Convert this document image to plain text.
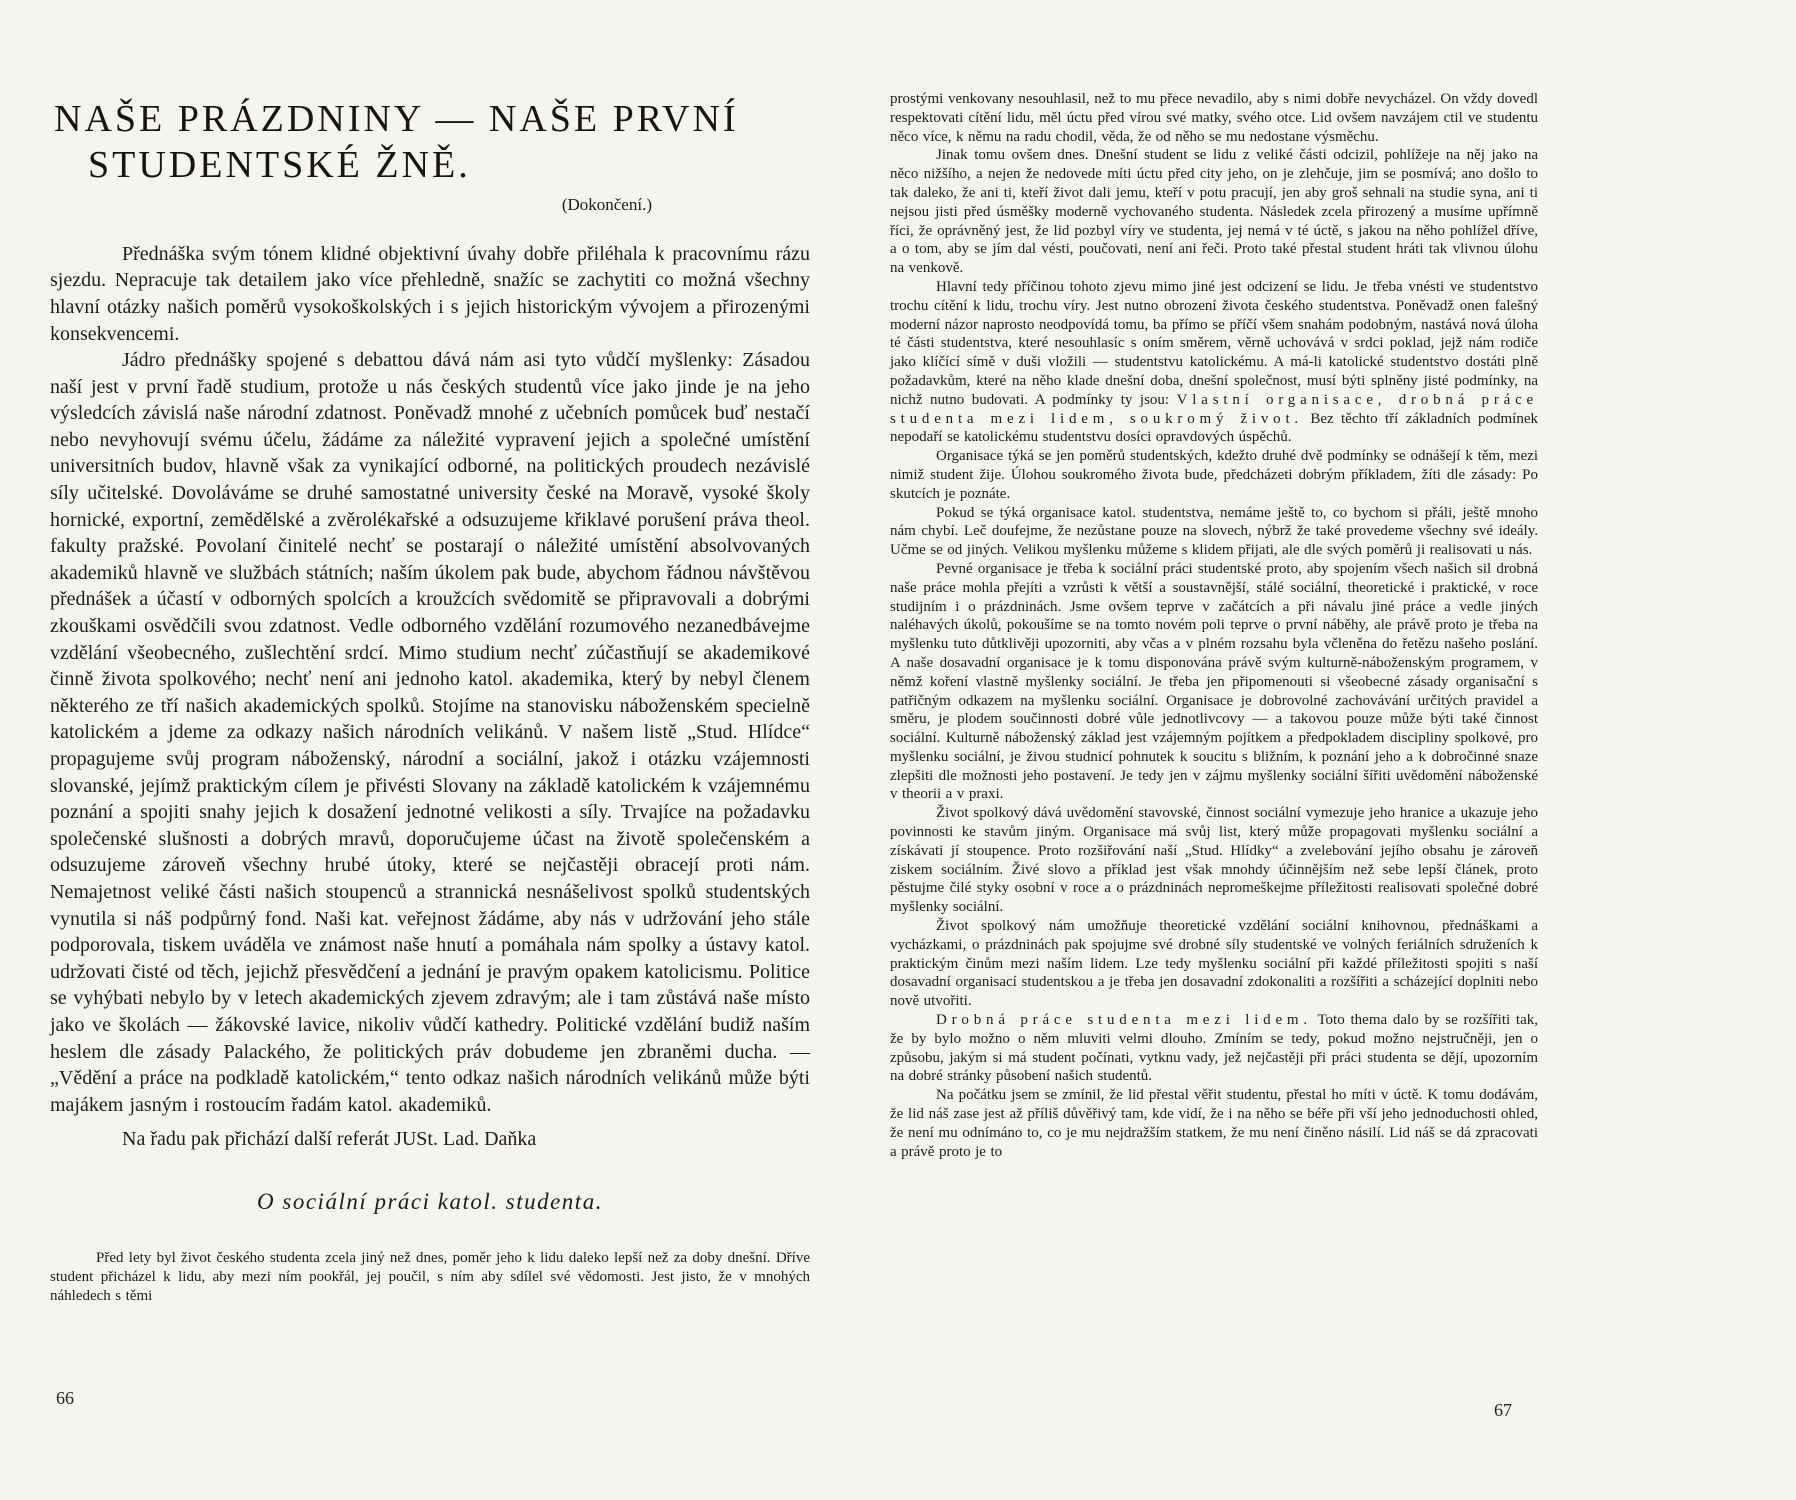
NAŠE PRÁZDNINY — NAŠE PRVNÍ
STUDENTSKÉ ŽNĚ.
(Dokončení.)

Přednáška svým tónem klidné objektivní úvahy dobře přiléhala k pracovnímu rázu sjezdu. Nepracuje tak detailem jako více přehledně, snažíc se zachytiti co možná všechny hlavní otázky našich poměrů vysokoškolských i s jejich historickým vývojem a přirozenými konsekvencemi.

Jádro přednášky spojené s debattou dává nám asi tyto vůdčí myšlenky: Zásadou naší jest v první řadě studium, protože u nás českých studentů více jako jinde je na jeho výsledcích závislá naše národní zdatnost. Poněvadž mnohé z učebních pomůcek buď nestačí nebo nevyhovují svému účelu, žádáme za náležité vypravení jejich a společné umístění universitních budov, hlavně však za vynikající odborné, na politických proudech nezávislé síly učitelské. Dovoláváme se druhé samostatné university české na Moravě, vysoké školy hornické, exportní, zemědělské a zvěrolékařské a odsuzujeme křiklavé porušení práva theol. fakulty pražské. Povolaní činitelé nechť se postarají o náležité umístění absolvovaných akademiků hlavně ve službách státních; naším úkolem pak bude, abychom řádnou návštěvou přednášek a účastí v odborných spolcích a kroužcích svědomitě se připravovali a dobrými zkouškami osvědčili svou zdatnost. Vedle odborného vzdělání rozumového nezanedbávejme vzdělání všeobecného, zušlechtění srdcí. Mimo studium nechť zúčastňují se akademikové činně života spolkového; nechť není ani jednoho katol. akademika, který by nebyl členem některého ze tří našich akademických spolků. Stojíme na stanovisku náboženském specielně katolickém a jdeme za odkazy našich národních velikánů. V našem listě „Stud. Hlídce“ propagujeme svůj program náboženský, národní a sociální, jakož i otázku vzájemnosti slovanské, jejímž praktickým cílem je přivésti Slovany na základě katolickém k vzájemnému poznání a spojiti snahy jejich k dosažení jednotné velikosti a síly. Trvajíce na požadavku společenské slušnosti a dobrých mravů, doporučujeme účast na životě společenském a odsuzujeme zároveň všechny hrubé útoky, které se nejčastěji obracejí proti nám. Nemajetnost veliké části našich stoupenců a strannická nesnášelivost spolků studentských vynutila si náš podpůrný fond. Naši kat. veřejnost žádáme, aby nás v udržování jeho stále podporovala, tiskem uváděla ve známost naše hnutí a pomáhala nám spolky a ústavy katol. udržovati čisté od těch, jejichž přesvědčení a jednání je pravým opakem katolicismu. Politice se vyhýbati nebylo by v letech akademických zjevem zdravým; ale i tam zůstává naše místo jako ve školách — žákovské lavice, nikoliv vůdčí kathedry. Politické vzdělání budiž naším heslem dle zásady Palackého, že politických práv dobudeme jen zbraněmi ducha. — „Vědění a práce na podkladě katolickém,“ tento odkaz našich národních velikánů může býti majákem jasným i rostoucím řadám katol. akademiků.

Na řadu pak přichází další referát JUSt. Lad. Daňka
O sociální práci katol. studenta.

Před lety byl život českého studenta zcela jiný než dnes, poměr jeho k lidu daleko lepší než za doby dnešní. Dříve student přicházel k lidu, aby mezi ním pookřál, jej poučil, s ním aby sdílel své vědomosti. Jest jisto, že v mnohých náhledech s těmi

prostými venkovany nesouhlasil, než to mu přece nevadilo, aby s nimi dobře nevycházel. On vždy dovedl respektovati cítění lidu, měl úctu před vírou své matky, svého otce. Lid ovšem navzájem ctil ve studentu něco více, k němu na radu chodil, věda, že od něho se mu nedostane výsměchu.

Jinak tomu ovšem dnes. Dnešní student se lidu z veliké části odcizil, pohlížeje na něj jako na něco nižšího, a nejen že nedovede míti úctu před city jeho, on je zlehčuje, jim se posmívá; ano došlo to tak daleko, že ani ti, kteří život dali jemu, kteří v potu pracují, jen aby groš sehnali na studie syna, ani ti nejsou jisti před úsměšky moderně vychovaného studenta. Následek zcela přirozený a musíme upřímně říci, že oprávněný jest, že lid pozbyl víry ve studenta, jej nemá v té úctě, s jakou na něho pohlížel dříve, a o tom, aby se jím dal vésti, poučovati, není ani řeči. Proto také přestal student hráti tak vlivnou úlohu na venkově.

Hlavní tedy příčinou tohoto zjevu mimo jiné jest odcizení se lidu. Je třeba vnésti ve studentstvo trochu cítění k lidu, trochu víry. Jest nutno obrození života českého studentstva. Poněvadž onen falešný moderní názor naprosto neodpovídá tomu, ba přímo se příčí všem snahám podobným, nastává nová úloha té části studentstva, které nesouhlasíc s oním směrem, věrně uchovává v srdci poklad, jejž nám rodiče jako klíčící símě v duši vložili — studentstvu katolickému. A má-li katolické studentstvo dostáti plně požadavkům, které na něho klade dnešní doba, dnešní společnost, musí býti splněny jisté podmínky, na nichž nutno budovati. A podmínky ty jsou: Vlastní organisace, drobná práce studenta mezi lidem, soukromý život. Bez těchto tří základních podmínek nepodaří se katolickému studentstvu dosíci opravdových úspěchů.

Organisace týká se jen poměrů studentských, kdežto druhé dvě podmínky se odnášejí k těm, mezi nimiž student žije. Úlohou soukromého života bude, předcházeti dobrým příkladem, žíti dle zásady: Po skutcích je poznáte.

Pokud se týká organisace katol. studentstva, nemáme ještě to, co bychom si přáli, ještě mnoho nám chybí. Leč doufejme, že nezůstane pouze na slovech, nýbrž že také provedeme všechny své ideály. Učme se od jiných. Velikou myšlenku můžeme s klidem přijati, ale dle svých poměrů ji realisovati u nás.

Pevné organisace je třeba k sociální práci studentské proto, aby spojením všech našich sil drobná naše práce mohla přejíti a vzrůsti k větší a soustavnější, stálé sociální, theoretické i praktické, v roce studijním i o prázdninách. Jsme ovšem teprve v začátcích a při návalu jiné práce a vedle jiných naléhavých úkolů, pokoušíme se na tomto novém poli teprve o první náběhy, ale právě proto je třeba na myšlenku tuto důtklivěji upozorniti, aby včas a v plném rozsahu byla včleněna do řetězu našeho poslání. A naše dosavadní organisace je k tomu disponována právě svým kulturně-náboženským programem, v němž koření vlastně myšlenky sociální. Je třeba jen připomenouti si všeobecné zásady organisační s patřičným odkazem na myšlenku sociální. Organisace je dobrovolné zachovávání určitých pravidel a směru, je plodem součinnosti dobré vůle jednotlivcovy — a takovou pouze může býti také činnost sociální. Kulturně náboženský základ jest vzájemným pojítkem a předpokladem discipliny spolkové, pro myšlenku sociální, je živou studnicí pohnutek k soucitu s bližním, k poznání jeho a k dobročinné snaze zlepšiti dle možnosti jeho postavení. Je tedy jen v zájmu myšlenky sociální šířiti uvědomění náboženské v theorii a v praxi.

Život spolkový dává uvědomění stavovské, činnost sociální vymezuje jeho hranice a ukazuje jeho povinnosti ke stavům jiným. Organisace má svůj list, který může propagovati myšlenku sociální a získávati jí stoupence. Proto rozšiřování naší „Stud. Hlídky“ a zvelebování jejího obsahu je zároveň ziskem sociálním. Živé slovo a příklad jest však mnohdy účinnějším než sebe lepší článek, proto pěstujme čilé styky osobní v roce a o prázdninách nepromeškejme příležitosti realisovati společné dobré myšlenky sociální.

Život spolkový nám umožňuje theoretické vzdělání sociální knihovnou, přednáškami a vycházkami, o prázdninách pak spojujme své drobné síly studentské ve volných feriálních sdruženích k praktickým činům mezi naším lidem. Lze tedy myšlenku sociální při každé příležitosti spojiti s naší dosavadní organisací studentskou a je třeba jen dosavadní zdokonaliti a rozšířiti a scházející doplniti nebo nově utvořiti.

Drobná práce studenta mezi lidem. Toto thema dalo by se rozšířiti tak, že by bylo možno o něm mluviti velmi dlouho. Zmíním se tedy, pokud možno nejstručněji, jen o způsobu, jakým si má student počínati, vytknu vady, jež nejčastěji při práci studenta se dějí, upozorním na dobré stránky působení našich studentů.

Na počátku jsem se zmínil, že lid přestal věřit studentu, přestal ho míti v úctě. K tomu dodávám, že lid náš zase jest až příliš důvěřivý tam, kde vidí, že i na něho se béře při vší jeho jednoduchosti ohled, že není mu odnímáno to, co je mu nejdražším statkem, že mu není činěno násilí. Lid náš se dá zpracovati a právě proto je to

66
67
